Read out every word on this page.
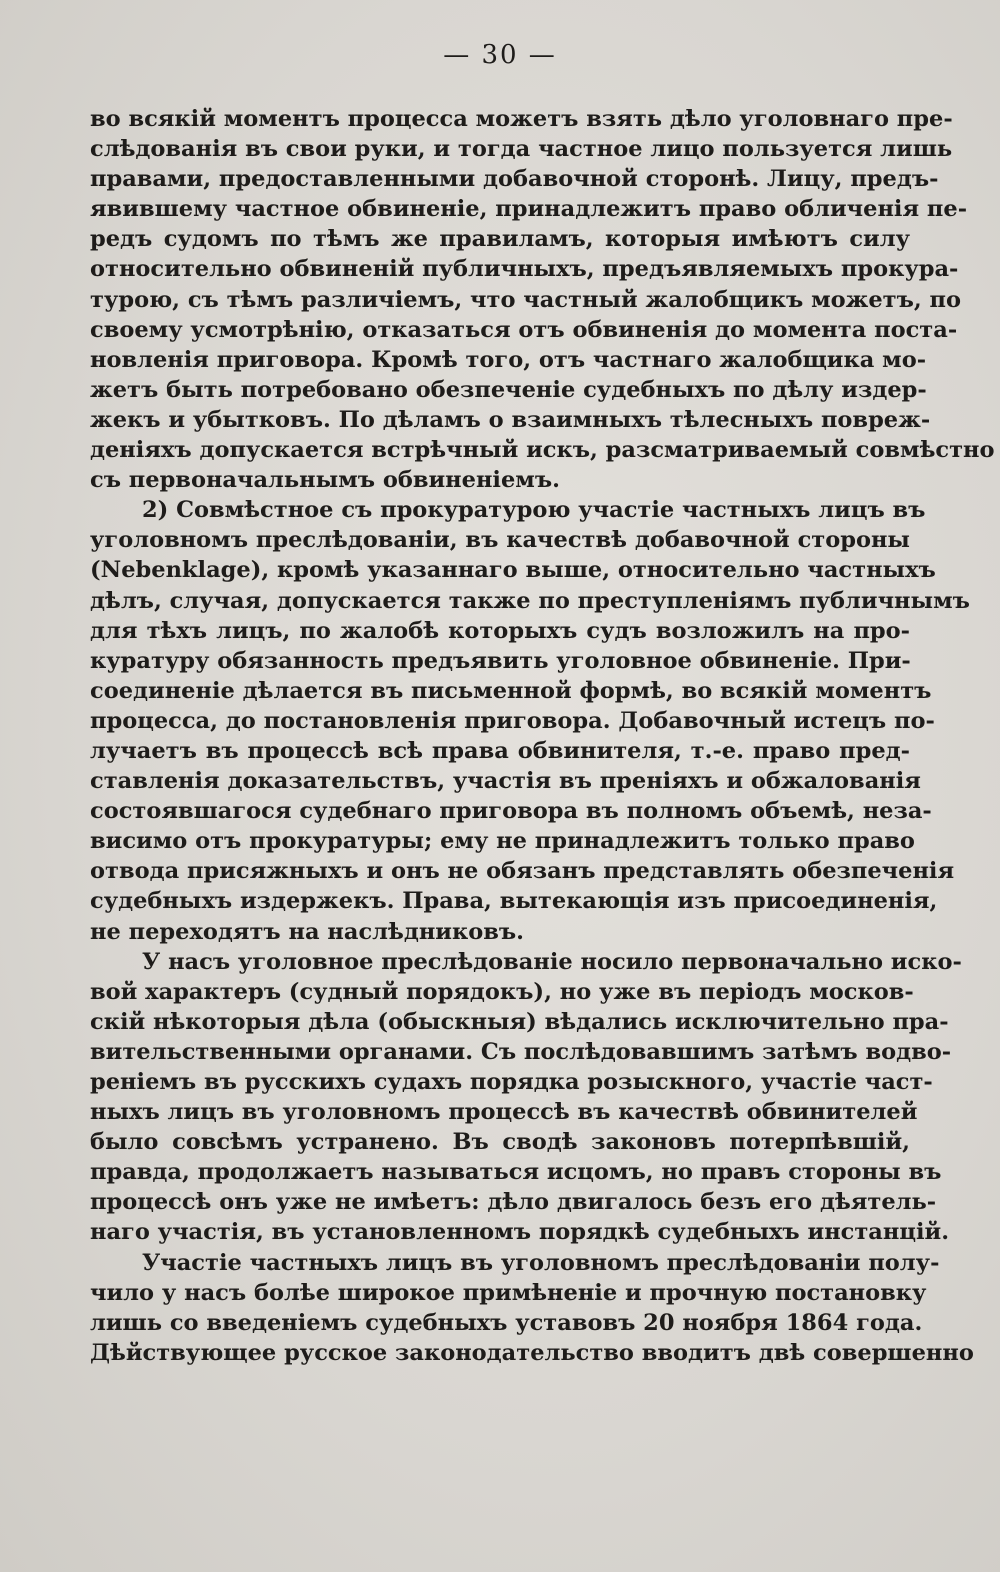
— 30 —
во всякій моментъ процесса можетъ взять дѣло уголовнаго пре-
слѣдованія въ свои руки, и тогда частное лицо пользуется лишь
правами, предоставленными добавочной сторонѣ. Лицу, предъ-
явившему частное обвиненіе, принадлежитъ право обличенія пе-
редъ судомъ по тѣмъ же правиламъ, которыя имѣютъ силу
относительно обвиненій публичныхъ, предъявляемыхъ прокура-
турою, съ тѣмъ различіемъ, что частный жалобщикъ можетъ, по
своему усмотрѣнію, отказаться отъ обвиненія до момента поста-
новленія приговора. Кромѣ того, отъ частнаго жалобщика мо-
жетъ быть потребовано обезпеченіе судебныхъ по дѣлу издер-
жекъ и убытковъ. По дѣламъ о взаимныхъ тѣлесныхъ повреж-
деніяхъ допускается встрѣчный искъ, разсматриваемый совмѣстно
съ первоначальнымъ обвиненіемъ.
2) Совмѣстное съ прокуратурою участіе частныхъ лицъ въ
уголовномъ преслѣдованіи, въ качествѣ добавочной стороны
(Nebenklage), кромѣ указаннаго выше, относительно частныхъ
дѣлъ, случая, допускается также по преступленіямъ публичнымъ
для тѣхъ лицъ, по жалобѣ которыхъ судъ возложилъ на про-
куратуру обязанность предъявить уголовное обвиненіе. При-
соединеніе дѣлается въ письменной формѣ, во всякій моментъ
процесса, до постановленія приговора. Добавочный истецъ по-
лучаетъ въ процессѣ всѣ права обвинителя, т.-е. право пред-
ставленія доказательствъ, участія въ преніяхъ и обжалованія
состоявшагося судебнаго приговора въ полномъ объемѣ, неза-
висимо отъ прокуратуры; ему не принадлежитъ только право
отвода присяжныхъ и онъ не обязанъ представлять обезпеченія
судебныхъ издержекъ. Права, вытекающія изъ присоединенія,
не переходятъ на наслѣдниковъ.
У насъ уголовное преслѣдованіе носило первоначально иско-
вой характеръ (судный порядокъ), но уже въ періодъ москов-
скій нѣкоторыя дѣла (обыскныя) вѣдались исключительно пра-
вительственными органами. Съ послѣдовавшимъ затѣмъ водво-
реніемъ въ русскихъ судахъ порядка розыскного, участіе част-
ныхъ лицъ въ уголовномъ процессѣ въ качествѣ обвинителей
было совсѣмъ устранено. Въ сводѣ законовъ потерпѣвшій,
правда, продолжаетъ называться исцомъ, но правъ стороны въ
процессѣ онъ уже не имѣетъ: дѣло двигалось безъ его дѣятель-
наго участія, въ установленномъ порядкѣ судебныхъ инстанцій.
Участіе частныхъ лицъ въ уголовномъ преслѣдованіи полу-
чило у насъ болѣе широкое примѣненіе и прочную постановку
лишь со введеніемъ судебныхъ уставовъ 20 ноября 1864 года.
Дѣйствующее русское законодательство вводитъ двѣ совершенно
